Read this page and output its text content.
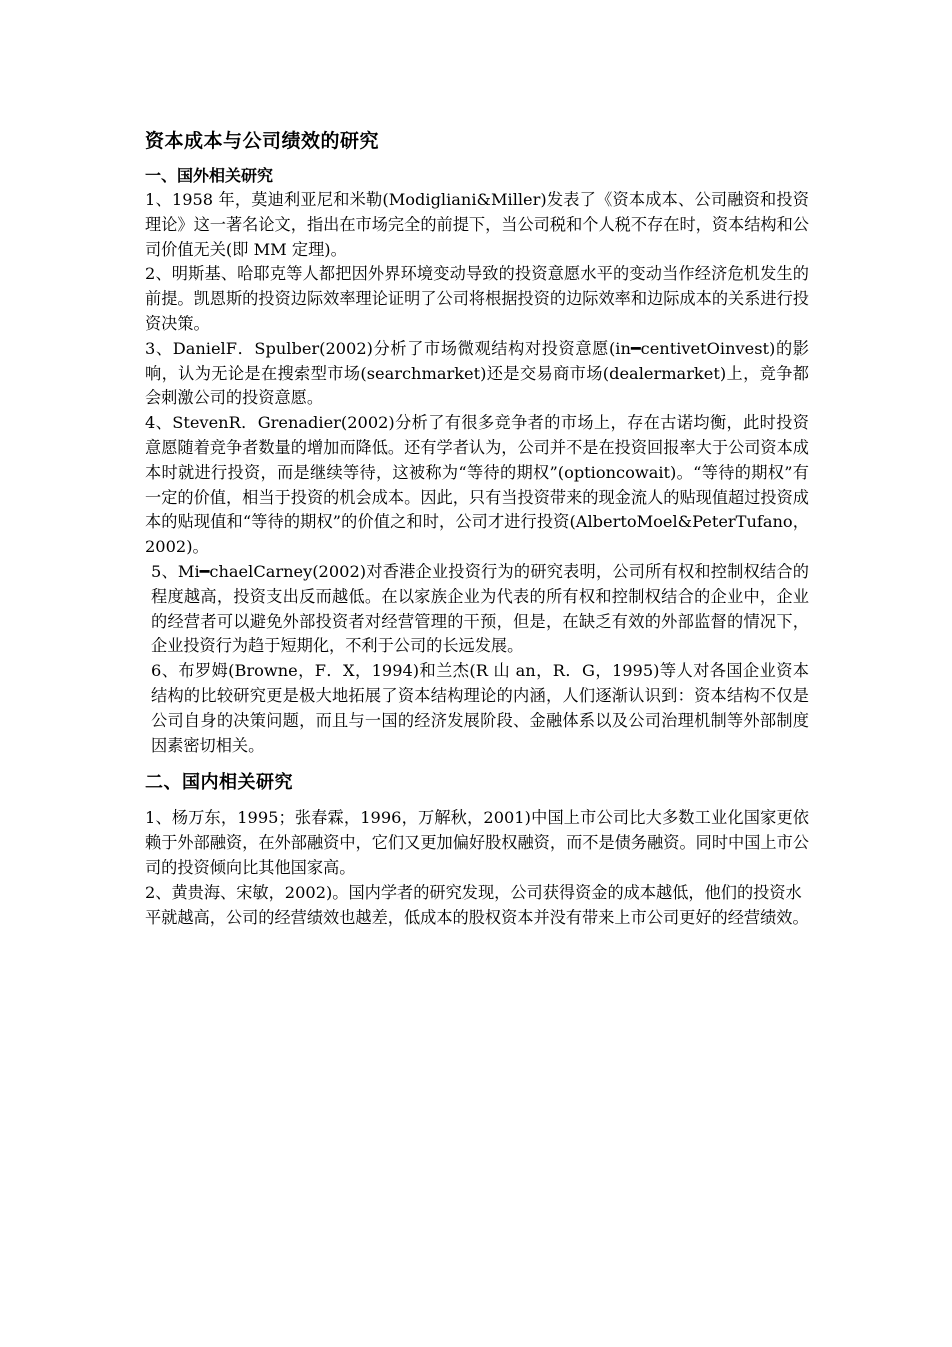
资本成本与公司绩效的研究
一、国外相关研究

1、1958 年，莫迪利亚尼和米勒(Modigliani&Miller)发表了《资本成本、公司融资和投资理论》这一著名论文，指出在市场完全的前提下，当公司税和个人税不存在时，资本结构和公司价值无关(即 MM 定理)。

2、明斯基、哈耶克等人都把因外界环境变动导致的投资意愿水平的变动当作经济危机发生的前提。凯恩斯的投资边际效率理论证明了公司将根据投资的边际效率和边际成本的关系进行投资决策。

3、DanielF．Spulber(2002)分析了市场微观结构对投资意愿(in━centivetOinvest)的影响，认为无论是在搜索型市场(searchmarket)还是交易商市场(dealermarket)上，竞争都会刺激公司的投资意愿。

4、StevenR．Grenadier(2002)分析了有很多竞争者的市场上，存在古诺均衡，此时投资意愿随着竞争者数量的增加而降低。还有学者认为，公司并不是在投资回报率大于公司资本成本时就进行投资，而是继续等待，这被称为“等待的期权”(optioncowait)。“等待的期权”有一定的价值，相当于投资的机会成本。因此，只有当投资带来的现金流人的贴现值超过投资成本的贴现值和“等待的期权”的价值之和时，公司才进行投资(AlbertoMoel&PeterTufano，2002)。

5、Mi━chaelCarney(2002)对香港企业投资行为的研究表明，公司所有权和控制权结合的程度越高，投资支出反而越低。在以家族企业为代表的所有权和控制权结合的企业中，企业的经营者可以避免外部投资者对经营管理的干预，但是，在缺乏有效的外部监督的情况下，企业投资行为趋于短期化，不利于公司的长远发展。

6、布罗姆(Browne，F．X，1994)和兰杰(R 山 an，R．G，1995)等人对各国企业资本结构的比较研究更是极大地拓展了资本结构理论的内涵，人们逐渐认识到：资本结构不仅是公司自身的决策问题，而且与一国的经济发展阶段、金融体系以及公司治理机制等外部制度因素密切相关。

二、国内相关研究

1、杨万东，1995；张春霖，1996，万解秋，2001)中国上市公司比大多数工业化国家更依赖于外部融资，在外部融资中，它们又更加偏好股权融资，而不是债务融资。同时中国上市公司的投资倾向比其他国家高。

2、黄贵海、宋敏，2002)。国内学者的研究发现，公司获得资金的成本越低，他们的投资水

平就越高，公司的经营绩效也越差，低成本的股权资本并没有带来上市公司更好的经营绩效。
